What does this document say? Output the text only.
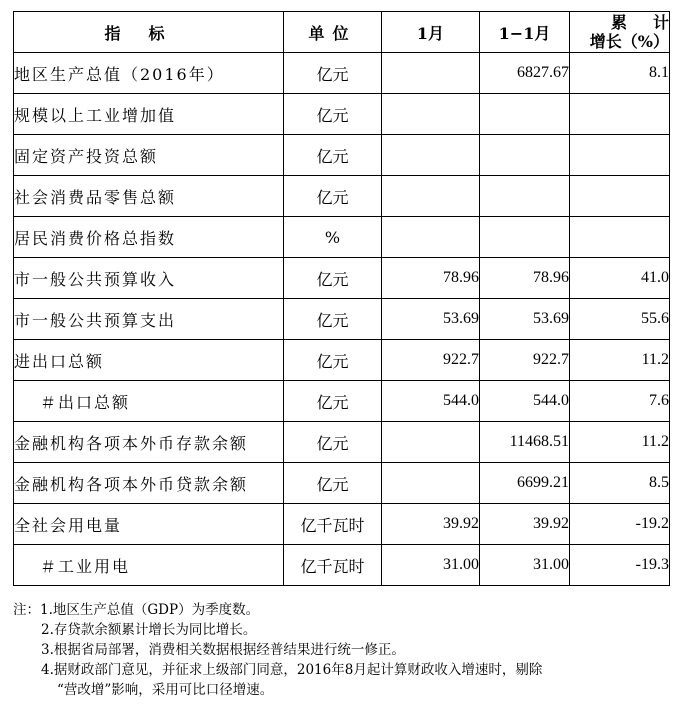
指标	单位	1月	1−1月	累计
增长（%）

地区生产总值（2016年）	亿元		6827.67	8.1
规模以上工业增加值	亿元			
固定资产投资总额	亿元			
社会消费品零售总额	亿元			
居民消费价格总指数	%			
市一般公共预算收入	亿元	78.96	78.96	41.0
市一般公共预算支出	亿元	53.69	53.69	55.6
进出口总额	亿元	922.7	922.7	11.2
＃出口总额	亿元	544.0	544.0	7.6
金融机构各项本外币存款余额	亿元		11468.51	11.2
金融机构各项本外币贷款余额	亿元		6699.21	8.5
全社会用电量	亿千瓦时	39.92	39.92	-19.2
＃工业用电	亿千瓦时	31.00	31.00	-19.3
注：1.地区生产总值（GDP）为季度数。
2.存贷款余额累计增长为同比增长。
3.根据省局部署，消费相关数据根据经普结果进行统一修正。
4.据财政部门意见，并征求上级部门同意，2016年8月起计算财政收入增速时，剔除
“营改增”影响，采用可比口径增速。
